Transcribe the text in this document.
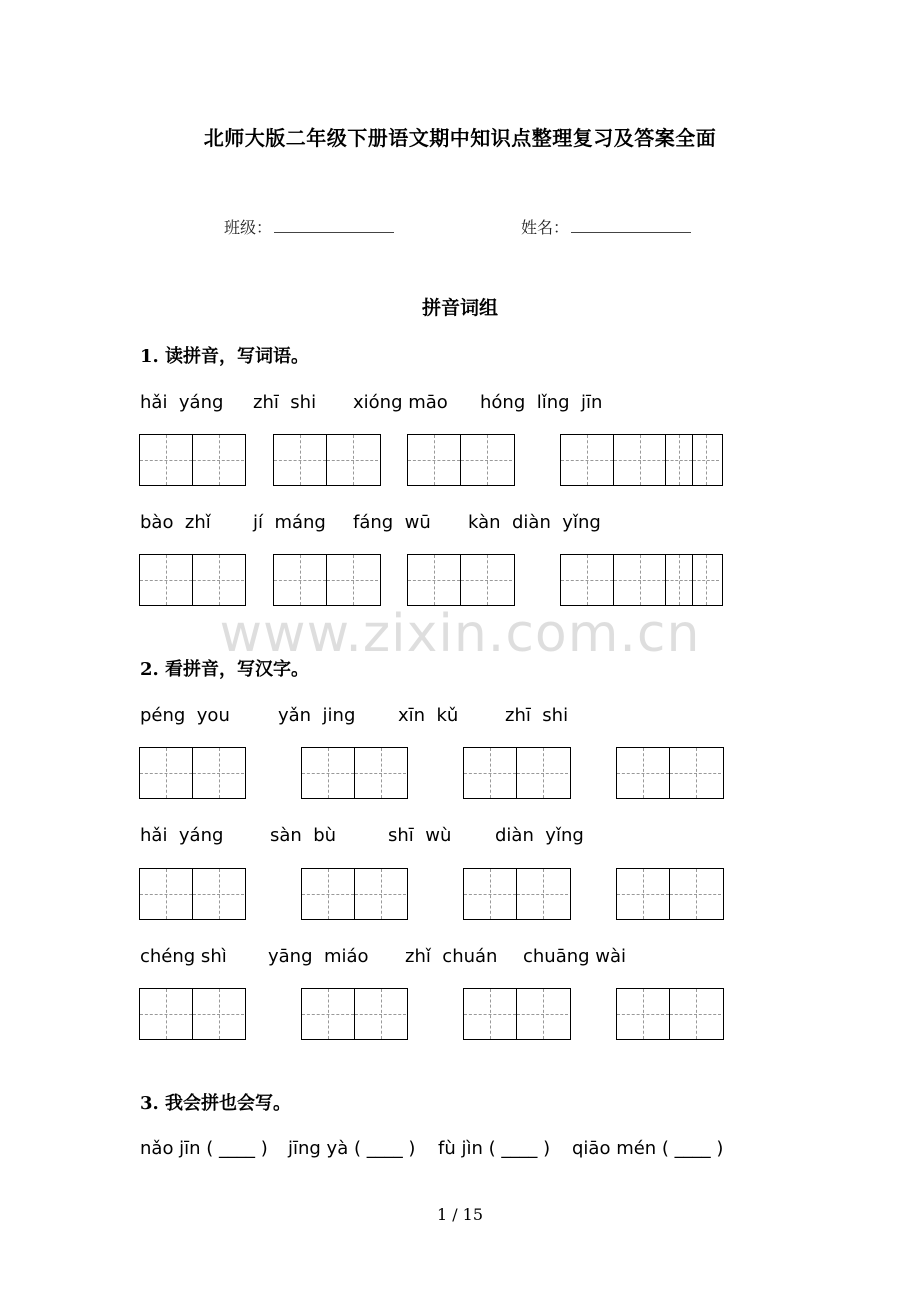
北师大版二年级下册语文期中知识点整理复习及答案全面
班级：	姓名：
拼音词组
1. 读拼音，写词语。
hǎi  yáng zhī  shi xióng māo hóng  lǐng  jīn
bào  zhǐ jí  máng fáng  wū kàn  diàn  yǐng
www.zixin.com.cn
2. 看拼音，写汉字。
péng  you	yǎn  jing xīn  kǔ	zhī  shi
hǎi  yáng	sàn  bù	shī  wù diàn  yǐng
chéng shì yāng  miáo zhǐ  chuán chuāng wài
3. 我会拼也会写。
nǎo jīn ( ____ ) jīng yà ( ____ ) fù jìn ( ____ ) qiāo mén ( ____ )
1 / 15
